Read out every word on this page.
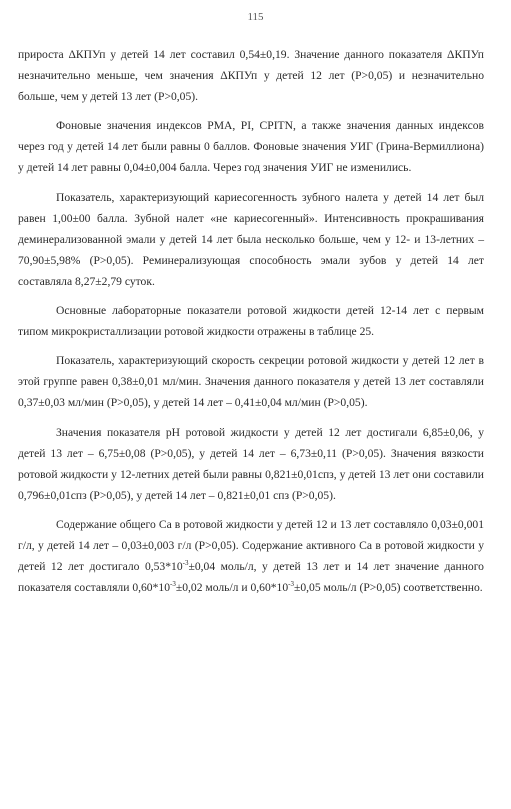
115

прироста ΔКПУп у детей 14 лет составил 0,54±0,19. Значение данного показателя ΔКПУп незначительно меньше, чем значения ΔКПУп у детей 12 лет (P>0,05) и незначительно больше, чем у детей 13 лет (P>0,05).

Фоновые значения индексов PMA, PI, CPITN, а также значения данных индексов через год у детей 14 лет были равны 0 баллов. Фоновые значения УИГ (Грина-Вермиллиона) у детей 14 лет равны 0,04±0,004 балла. Через год значения УИГ не изменились.

Показатель, характеризующий кариесогенность зубного налета у детей 14 лет был равен 1,00±00 балла. Зубной налет «не кариесогенный». Интенсивность прокрашивания деминерализованной эмали у детей 14 лет была несколько больше, чем у 12- и 13-летних – 70,90±5,98% (P>0,05). Реминерализующая способность эмали зубов у детей 14 лет составляла 8,27±2,79 суток.

Основные лабораторные показатели ротовой жидкости детей 12-14 лет с первым типом микрокристаллизации ротовой жидкости отражены в таблице 25.

Показатель, характеризующий скорость секреции ротовой жидкости у детей 12 лет в этой группе равен 0,38±0,01 мл/мин. Значения данного показателя у детей 13 лет составляли 0,37±0,03 мл/мин (P>0,05), у детей 14 лет – 0,41±0,04 мл/мин (P>0,05).

Значения показателя pH ротовой жидкости у детей 12 лет достигали 6,85±0,06, у детей 13 лет – 6,75±0,08 (P>0,05), у детей 14 лет – 6,73±0,11 (P>0,05). Значения вязкости ротовой жидкости у 12-летних детей были равны 0,821±0,01спз, у детей 13 лет они составили 0,796±0,01спз (P>0,05), у детей 14 лет – 0,821±0,01 спз (P>0,05).

Содержание общего Ca в ротовой жидкости у детей 12 и 13 лет составляло 0,03±0,001 г/л, у детей 14 лет – 0,03±0,003 г/л (P>0,05). Содержание активного Ca в ротовой жидкости у детей 12 лет достигало $0,53*10^{-3}\pm 0,04$ моль/л, у детей 13 лет и 14 лет значение данного показателя составляли $0,60*10^{-3}\pm 0,02$ моль/л и $0,60*10^{-3}\pm 0,05$ моль/л (P>0,05) соответственно.
